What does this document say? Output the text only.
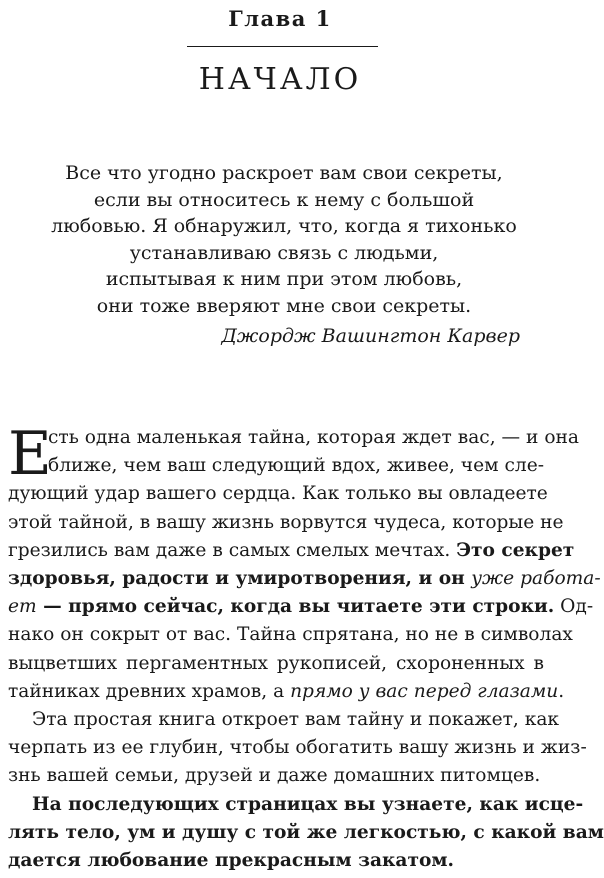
Глава 1
НАЧАЛО
Все что угодно раскроет вам свои секреты,
если вы относитесь к нему с большой
любовью. Я обнаружил, что, когда я тихонько
устанавливаю связь с людьми,
испытывая к ним при этом любовь,
они тоже вверяют мне свои секреты.
Джордж Вашингтон Карвер
Е
сть одна маленькая тайна, которая ждет вас, — и она
ближе, чем ваш следующий вдох, живее, чем сле-
дующий удар вашего сердца. Как только вы овладеете
этой тайной, в вашу жизнь ворвутся чудеса, которые не
грезились вам даже в самых смелых мечтах. Это секрет
здоровья, радости и умиротворения, и он уже работа-
ет — прямо сейчас, когда вы читаете эти строки. Од-
нако он сокрыт от вас. Тайна спрятана, но не в символах
выцветших пергаментных рукописей, схороненных в
тайниках древних храмов, а прямо у вас перед глазами.
Эта простая книга откроет вам тайну и покажет, как
черпать из ее глубин, чтобы обогатить вашу жизнь и жиз-
знь вашей семьи, друзей и даже домашних питомцев.
На последующих страницах вы узнаете, как исце-
лять тело, ум и душу с той же легкостью, с какой вам
дается любование прекрасным закатом.
